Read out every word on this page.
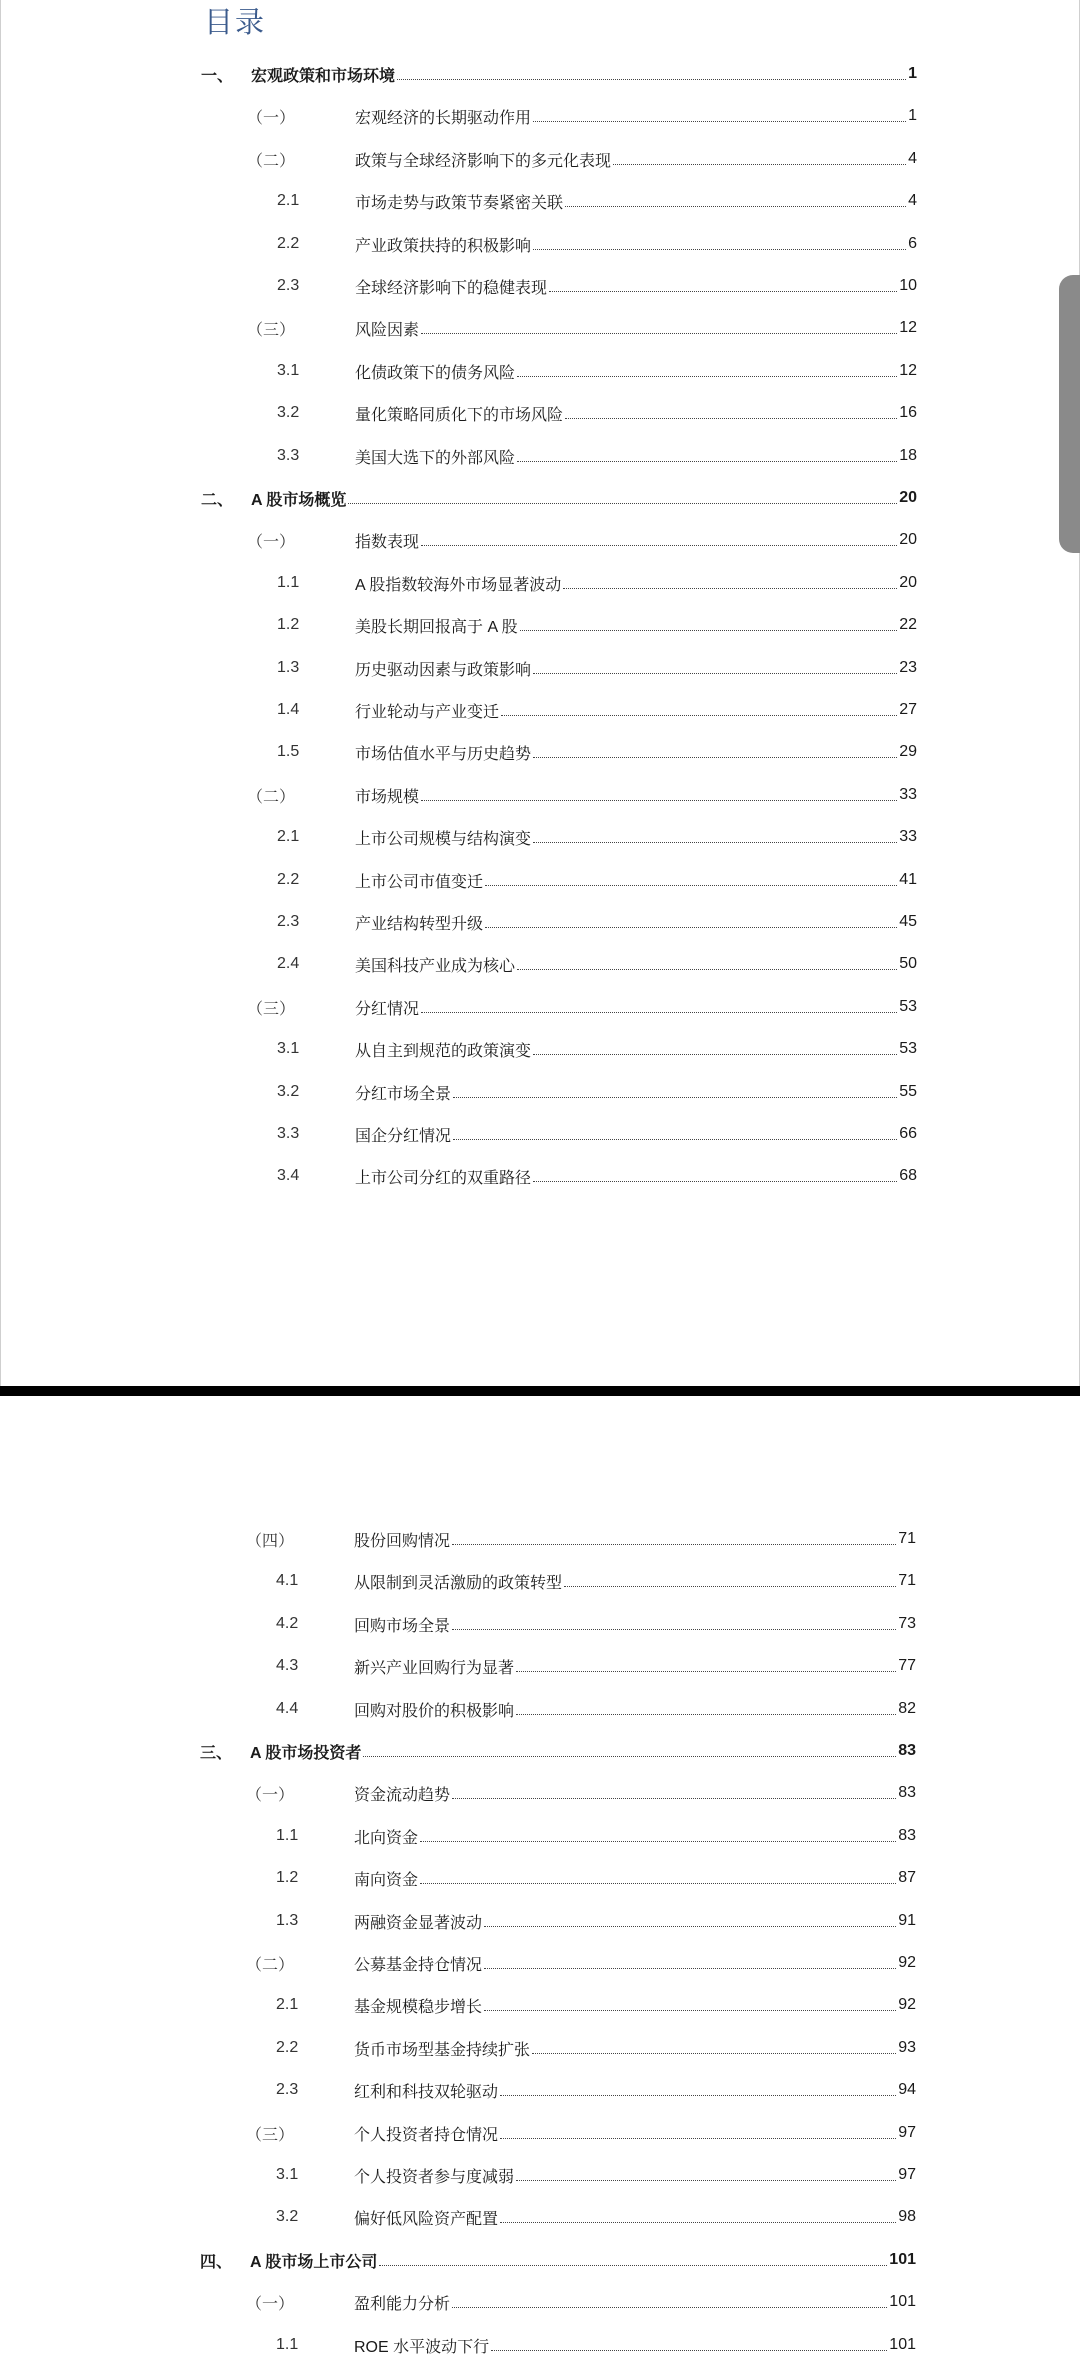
目录
一、 宏观政策和市场环境	1
（一）	宏观经济的长期驱动作用	1
（二）	政策与全球经济影响下的多元化表现	4
2.1	市场走势与政策节奏紧密关联	4
2.2	产业政策扶持的积极影响	6
2.3	全球经济影响下的稳健表现	10
（三）	风险因素	12
3.1	化债政策下的债务风险	12
3.2	量化策略同质化下的市场风险	16
3.3	美国大选下的外部风险	18
二、 A 股市场概览	20
（一）	指数表现	20
1.1	A 股指数较海外市场显著波动	20
1.2	美股长期回报高于 A 股	22
1.3	历史驱动因素与政策影响	23
1.4	行业轮动与产业变迁	27
1.5	市场估值水平与历史趋势	29
（二）	市场规模	33
2.1	上市公司规模与结构演变	33
2.2	上市公司市值变迁	41
2.3	产业结构转型升级	45
2.4	美国科技产业成为核心	50
（三）	分红情况	53
3.1	从自主到规范的政策演变	53
3.2	分红市场全景	55
3.3	国企分红情况	66
3.4	上市公司分红的双重路径	68
（四）	股份回购情况	71
4.1	从限制到灵活激励的政策转型	71
4.2	回购市场全景	73
4.3	新兴产业回购行为显著	77
4.4	回购对股价的积极影响	82
三、 A 股市场投资者	83
（一）	资金流动趋势	83
1.1	北向资金	83
1.2	南向资金	87
1.3	两融资金显著波动	91
（二）	公募基金持仓情况	92
2.1	基金规模稳步增长	92
2.2	货币市场型基金持续扩张	93
2.3	红利和科技双轮驱动	94
（三）	个人投资者持仓情况	97
3.1	个人投资者参与度减弱	97
3.2	偏好低风险资产配置	98
四、 A 股市场上市公司	101
（一）	盈利能力分析	101
1.1	ROE 水平波动下行	101
